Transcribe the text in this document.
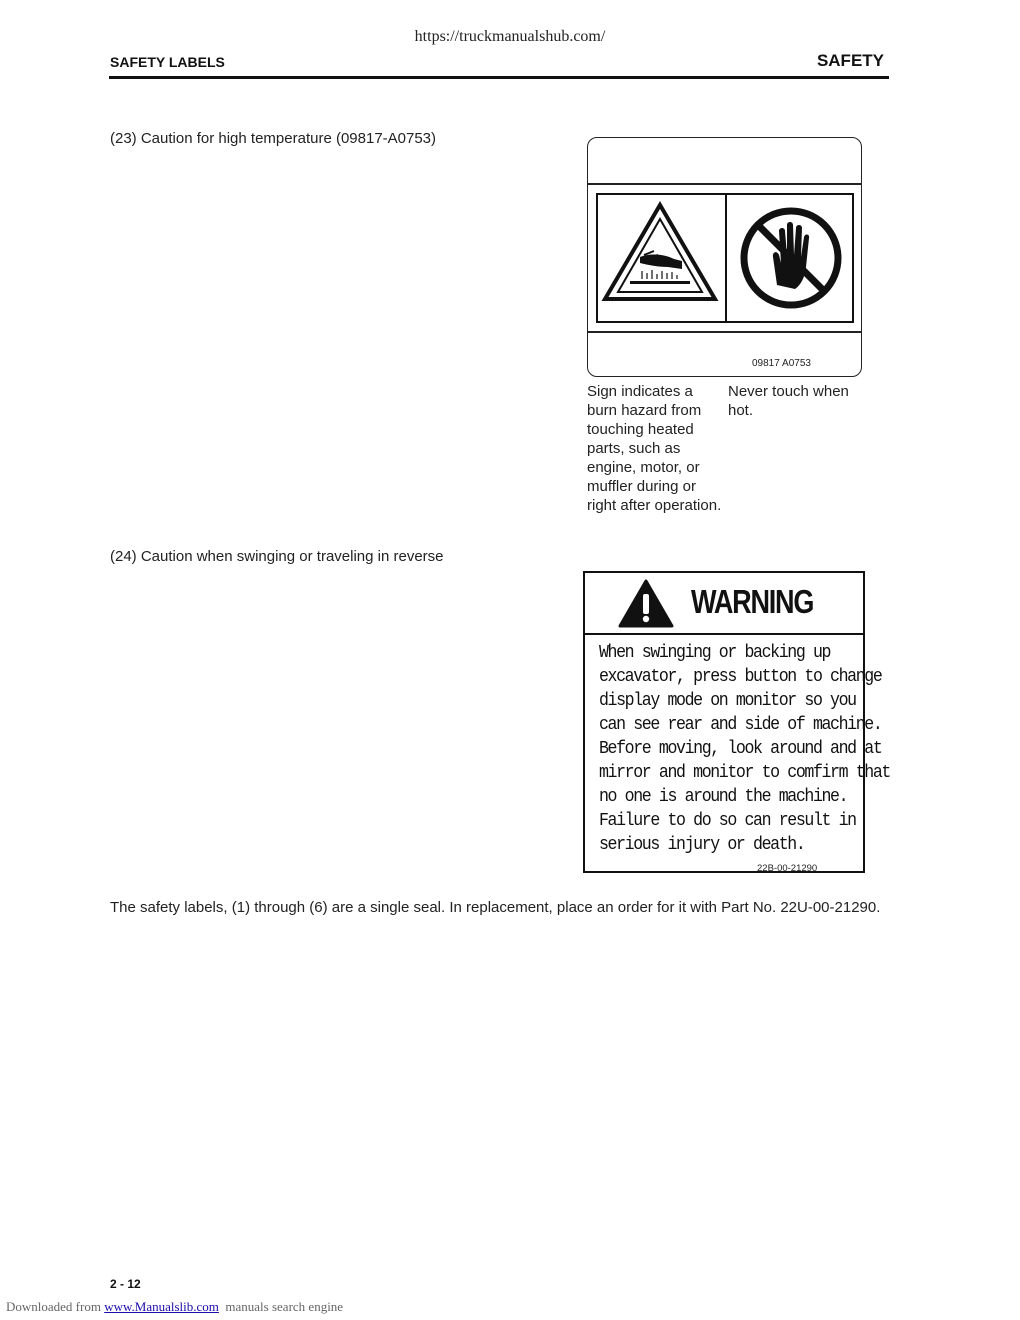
https://truckmanualshub.com/
SAFETY LABELS	SAFETY
(23) Caution for high temperature (09817-A0753)
09817 A0753
Sign indicates a
burn hazard from
touching heated
parts, such as
engine, motor, or
muffler during or
right after operation.
Never touch when
hot.
(24) Caution when swinging or traveling in reverse
WARNING
When swinging or backing up
excavator, press button to change
display mode on monitor so you
can see rear and side of machine.
Before moving, look around and at
mirror and monitor to comfirm that
no one is around the machine.
Failure to do so can result in
serious injury or death.
22B-00-21290
The safety labels, (1) through (6) are a single seal. In replacement, place an order for it with Part No. 22U-00-21290.
2 - 12
Downloaded from www.Manualslib.com  manuals search engine
